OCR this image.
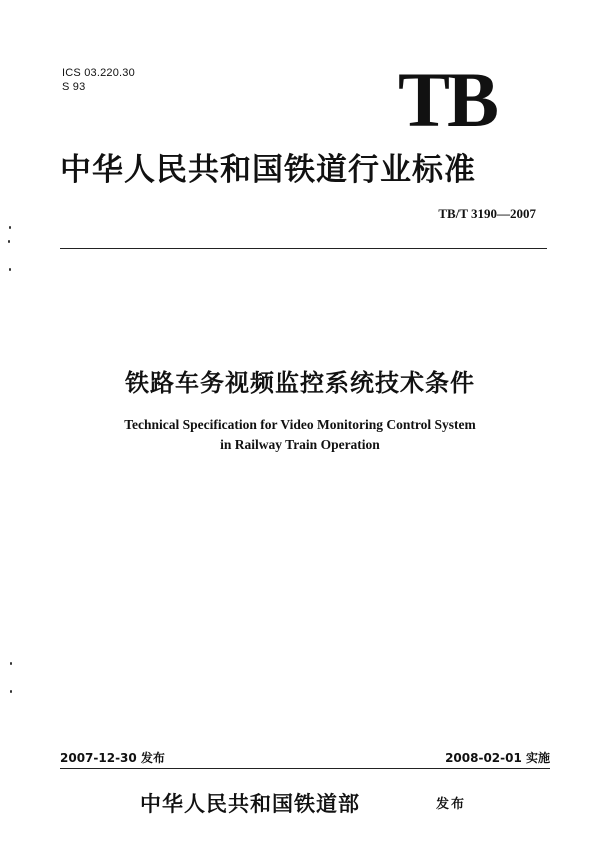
ICS 03.220.30
S 93	TB
中华人民共和国铁道行业标准
TB/T 3190—2007
铁路车务视频监控系统技术条件
Technical Specification for Video Monitoring Control System
in Railway Train Operation
2007-12-30 发布	2008-02-01 实施
中华人民共和国铁道部	发布
